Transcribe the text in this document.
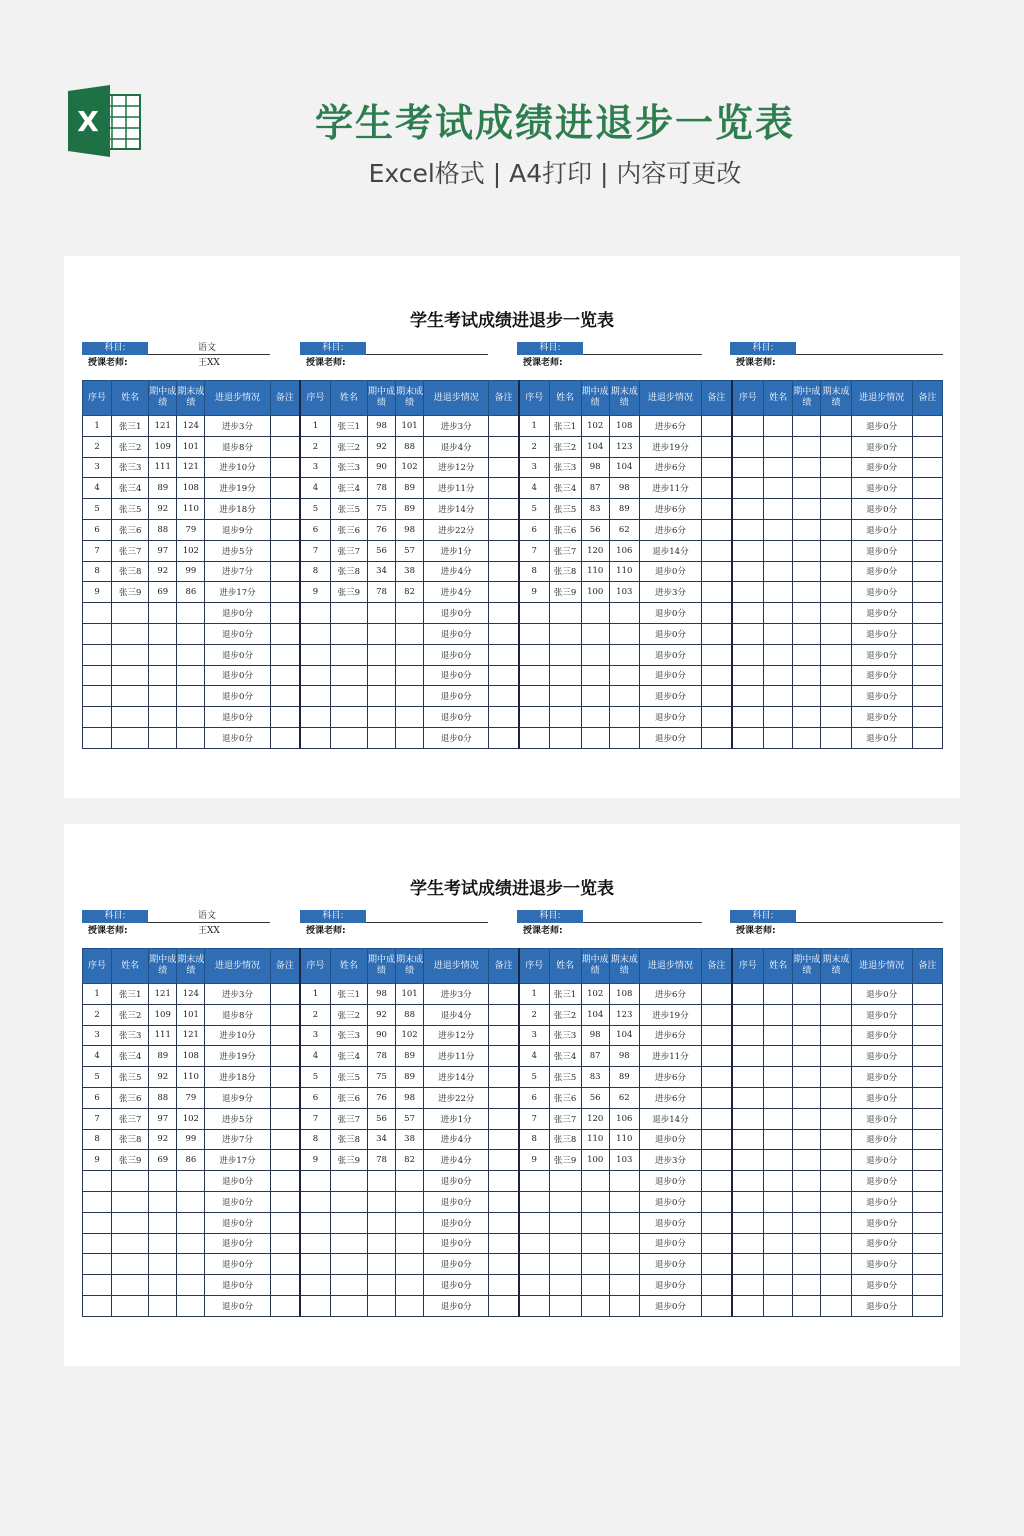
X	学生考试成绩进退步一览表

Excel格式 | A4打印 | 内容可更改

学生考试成绩进退步一览表
科目:	语文
授课老师:	王XX
科目:
授课老师:
科目:
授课老师:
科目:
授课老师:
序号	姓名	期中成绩	期末成绩	进退步情况	备注	序号	姓名	期中成绩	期末成绩	进退步情况	备注	序号	姓名	期中成绩	期末成绩	进退步情况	备注	序号	姓名	期中成绩	期末成绩	进退步情况	备注
1	张三1	121	124	进步3分		1	张三1	98	101	进步3分		1	张三1	102	108	进步6分						退步0分	
2	张三2	109	101	退步8分		2	张三2	92	88	退步4分		2	张三2	104	123	进步19分						退步0分	
3	张三3	111	121	进步10分		3	张三3	90	102	进步12分		3	张三3	98	104	进步6分						退步0分	
4	张三4	89	108	进步19分		4	张三4	78	89	进步11分		4	张三4	87	98	进步11分						退步0分	
5	张三5	92	110	进步18分		5	张三5	75	89	进步14分		5	张三5	83	89	进步6分						退步0分	
6	张三6	88	79	退步9分		6	张三6	76	98	进步22分		6	张三6	56	62	进步6分						退步0分	
7	张三7	97	102	进步5分		7	张三7	56	57	进步1分		7	张三7	120	106	退步14分						退步0分	
8	张三8	92	99	进步7分		8	张三8	34	38	进步4分		8	张三8	110	110	退步0分						退步0分	
9	张三9	69	86	进步17分		9	张三9	78	82	进步4分		9	张三9	100	103	进步3分						退步0分	
				退步0分						退步0分						退步0分						退步0分	
				退步0分						退步0分						退步0分						退步0分	
				退步0分						退步0分						退步0分						退步0分	
				退步0分						退步0分						退步0分						退步0分	
				退步0分						退步0分						退步0分						退步0分	
				退步0分						退步0分						退步0分						退步0分	
				退步0分						退步0分						退步0分						退步0分	
学生考试成绩进退步一览表
科目:	语文
授课老师:	王XX
科目:
授课老师:
科目:
授课老师:
科目:
授课老师:
序号	姓名	期中成绩	期末成绩	进退步情况	备注	序号	姓名	期中成绩	期末成绩	进退步情况	备注	序号	姓名	期中成绩	期末成绩	进退步情况	备注	序号	姓名	期中成绩	期末成绩	进退步情况	备注
1	张三1	121	124	进步3分		1	张三1	98	101	进步3分		1	张三1	102	108	进步6分						退步0分	
2	张三2	109	101	退步8分		2	张三2	92	88	退步4分		2	张三2	104	123	进步19分						退步0分	
3	张三3	111	121	进步10分		3	张三3	90	102	进步12分		3	张三3	98	104	进步6分						退步0分	
4	张三4	89	108	进步19分		4	张三4	78	89	进步11分		4	张三4	87	98	进步11分						退步0分	
5	张三5	92	110	进步18分		5	张三5	75	89	进步14分		5	张三5	83	89	进步6分						退步0分	
6	张三6	88	79	退步9分		6	张三6	76	98	进步22分		6	张三6	56	62	进步6分						退步0分	
7	张三7	97	102	进步5分		7	张三7	56	57	进步1分		7	张三7	120	106	退步14分						退步0分	
8	张三8	92	99	进步7分		8	张三8	34	38	进步4分		8	张三8	110	110	退步0分						退步0分	
9	张三9	69	86	进步17分		9	张三9	78	82	进步4分		9	张三9	100	103	进步3分						退步0分	
				退步0分						退步0分						退步0分						退步0分	
				退步0分						退步0分						退步0分						退步0分	
				退步0分						退步0分						退步0分						退步0分	
				退步0分						退步0分						退步0分						退步0分	
				退步0分						退步0分						退步0分						退步0分	
				退步0分						退步0分						退步0分						退步0分	
				退步0分						退步0分						退步0分						退步0分	
